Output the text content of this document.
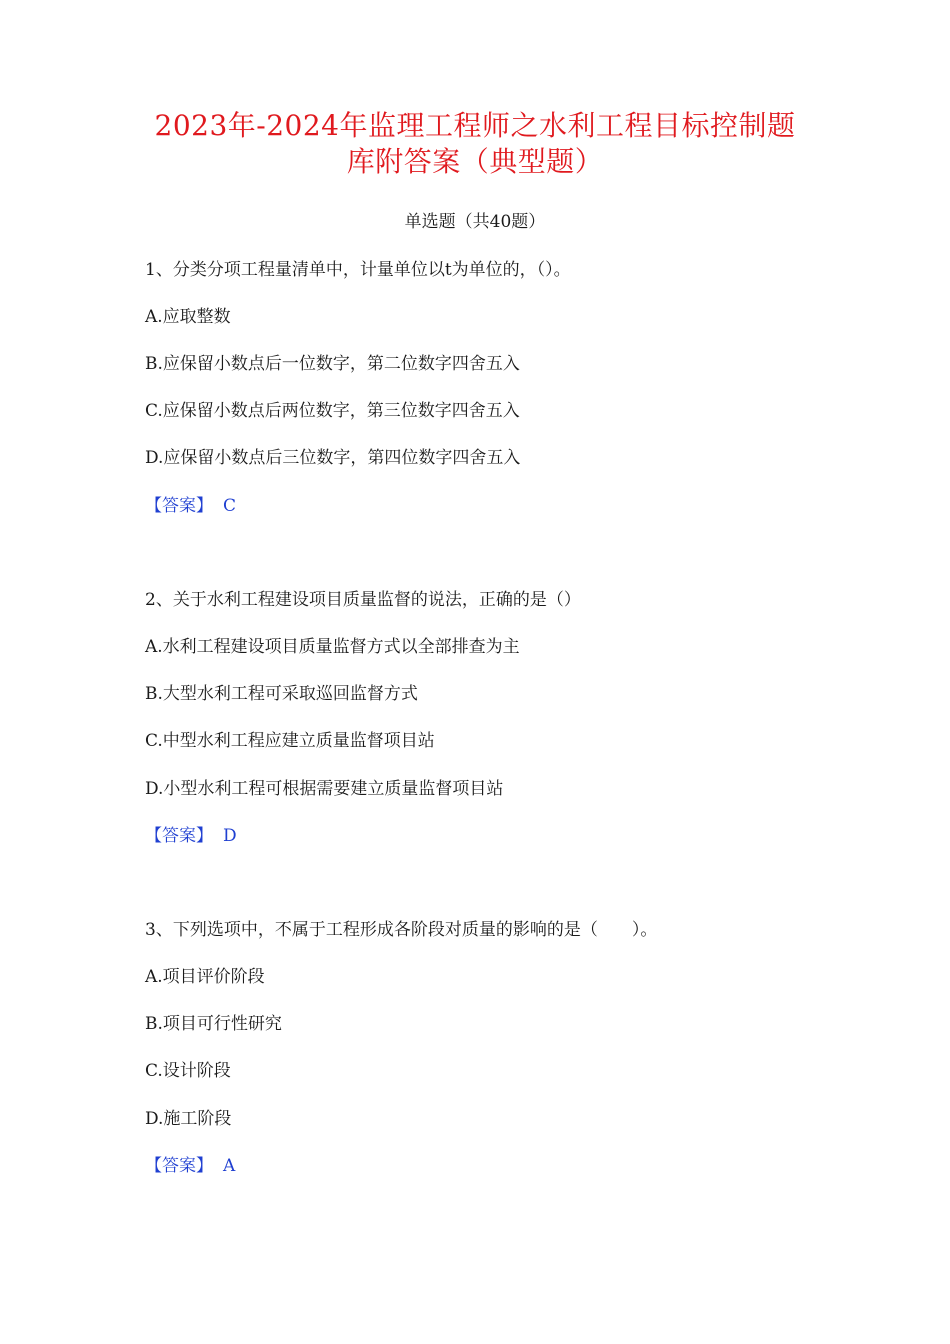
2023年-2024年监理工程师之水利工程目标控制题
库附答案（典型题）
单选题（共40题）
1、分类分项工程量清单中，计量单位以t为单位的，（）。
A.应取整数
B.应保留小数点后一位数字，第二位数字四舍五入
C.应保留小数点后两位数字，第三位数字四舍五入
D.应保留小数点后三位数字，第四位数字四舍五入
【答案】 C
2、关于水利工程建设项目质量监督的说法，正确的是（）
A.水利工程建设项目质量监督方式以全部排查为主
B.大型水利工程可采取巡回监督方式
C.中型水利工程应建立质量监督项目站
D.小型水利工程可根据需要建立质量监督项目站
【答案】 D
3、下列选项中，不属于工程形成各阶段对质量的影响的是（　　）。
A.项目评价阶段
B.项目可行性研究
C.设计阶段
D.施工阶段
【答案】 A
